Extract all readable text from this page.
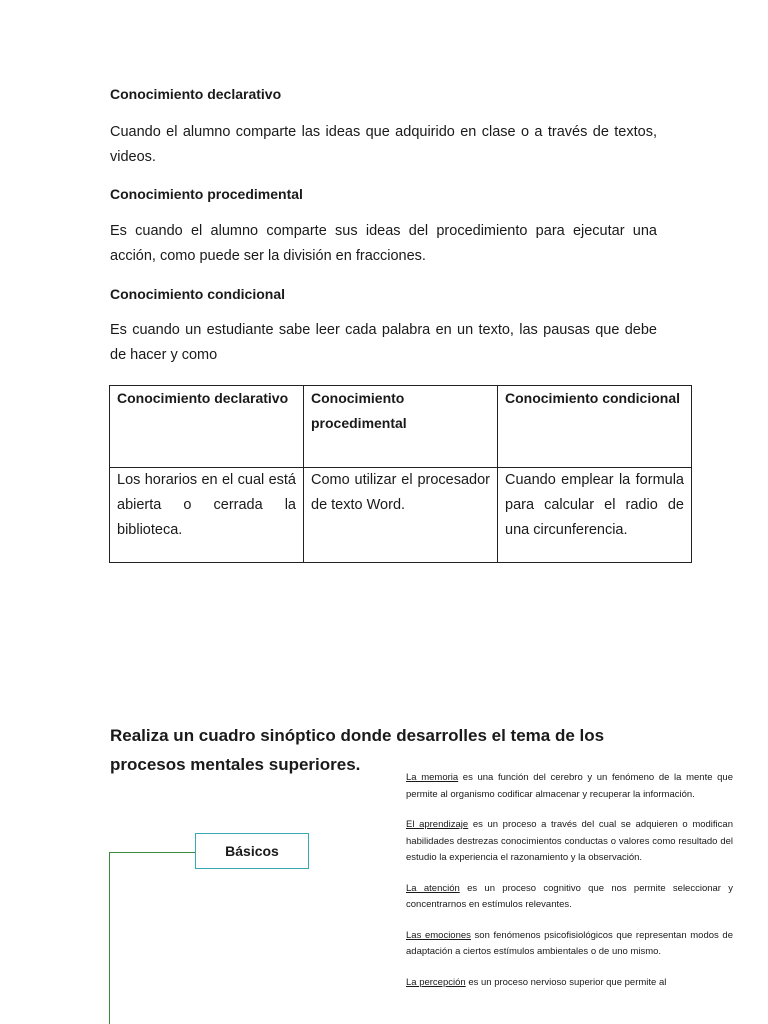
Conocimiento declarativo

Cuando el alumno comparte las ideas que adquirido en clase o a través de textos, videos.

Conocimiento procedimental

Es cuando el alumno comparte sus ideas del procedimiento para ejecutar una acción, como puede ser la división en fracciones.

Conocimiento condicional

Es cuando un estudiante sabe leer cada palabra en un texto, las pausas que debe de hacer y como

Conocimiento declarativo	Conocimiento procedimental	Conocimiento condicional
Los horarios en el cual está abierta o cerrada la biblioteca.	Como utilizar el procesador de texto Word.	Cuando emplear la formula para calcular el radio de una circunferencia.

Realiza un cuadro sinóptico donde desarrolles el tema de los procesos mentales superiores.

Básicos

La memoria es una función del cerebro y un fenómeno de la mente que permite al organismo codificar almacenar y recuperar la información.

El aprendizaje es un proceso a través del cual se adquieren o modifican habilidades destrezas conocimientos conductas o valores como resultado del estudio la experiencia el razonamiento y la observación.

La atención es un proceso cognitivo que nos permite seleccionar y concentrarnos en estímulos relevantes.

Las emociones son fenómenos psicofisiológicos que representan modos de adaptación a ciertos estímulos ambientales o de uno mismo.

La percepción es un proceso nervioso superior que permite al
